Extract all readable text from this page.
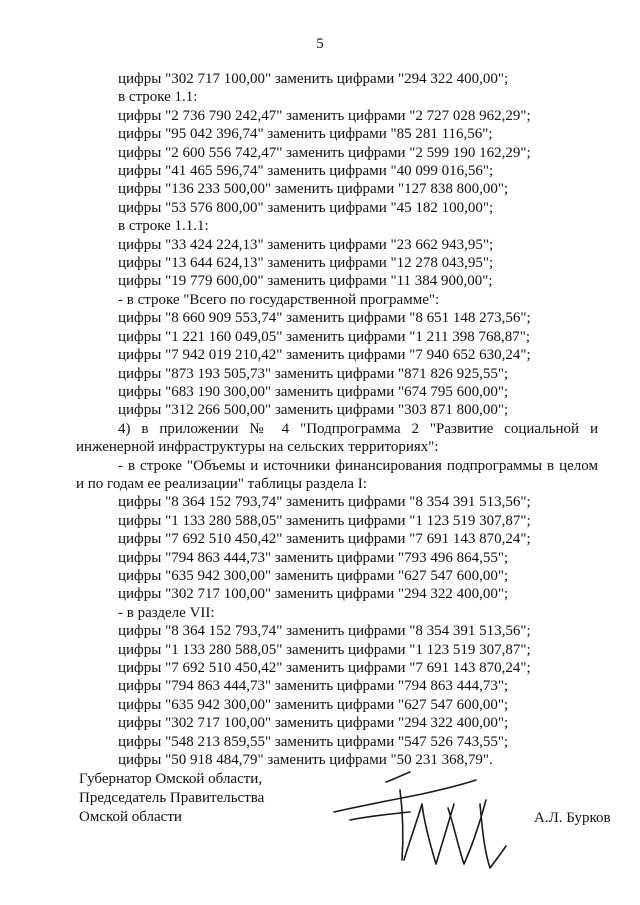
5
цифры "302 717 100,00" заменить цифрами "294 322 400,00";
в строке 1.1:
цифры "2 736 790 242,47" заменить цифрами "2 727 028 962,29";
цифры "95 042 396,74" заменить цифрами "85 281 116,56";
цифры "2 600 556 742,47" заменить цифрами "2 599 190 162,29";
цифры "41 465 596,74" заменить цифрами "40 099 016,56";
цифры "136 233 500,00" заменить цифрами "127 838 800,00";
цифры "53 576 800,00" заменить цифрами "45 182 100,00";
в строке 1.1.1:
цифры "33 424 224,13" заменить цифрами "23 662 943,95";
цифры "13 644 624,13" заменить цифрами "12 278 043,95";
цифры "19 779 600,00" заменить цифрами "11 384 900,00";
- в строке "Всего по государственной программе":
цифры "8 660 909 553,74" заменить цифрами "8 651 148 273,56";
цифры "1 221 160 049,05" заменить цифрами "1 211 398 768,87";
цифры "7 942 019 210,42" заменить цифрами "7 940 652 630,24";
цифры "873 193 505,73" заменить цифрами "871 826 925,55";
цифры "683 190 300,00" заменить цифрами "674 795 600,00";
цифры "312 266 500,00" заменить цифрами "303 871 800,00";
4) в приложении № 4 "Подпрограмма 2 "Развитие социальной и инженерной инфраструктуры на сельских территориях":
- в строке "Объемы и источники финансирования подпрограммы в целом и по годам ее реализации" таблицы раздела I:
цифры "8 364 152 793,74" заменить цифрами "8 354 391 513,56";
цифры "1 133 280 588,05" заменить цифрами "1 123 519 307,87";
цифры "7 692 510 450,42" заменить цифрами "7 691 143 870,24";
цифры "794 863 444,73" заменить цифрами "793 496 864,55";
цифры "635 942 300,00" заменить цифрами "627 547 600,00";
цифры "302 717 100,00" заменить цифрами "294 322 400,00";
- в разделе VII:
цифры "8 364 152 793,74" заменить цифрами "8 354 391 513,56";
цифры "1 133 280 588,05" заменить цифрами "1 123 519 307,87";
цифры "7 692 510 450,42" заменить цифрами "7 691 143 870,24";
цифры "794 863 444,73" заменить цифрами "794 863 444,73";
цифры "635 942 300,00" заменить цифрами "627 547 600,00";
цифры "302 717 100,00" заменить цифрами "294 322 400,00";
цифры "548 213 859,55" заменить цифрами "547 526 743,55";
цифры "50 918 484,79" заменить цифрами "50 231 368,79".
Губернатор Омской области,
Председатель Правительства
Омской области	А.Л. Бурков
